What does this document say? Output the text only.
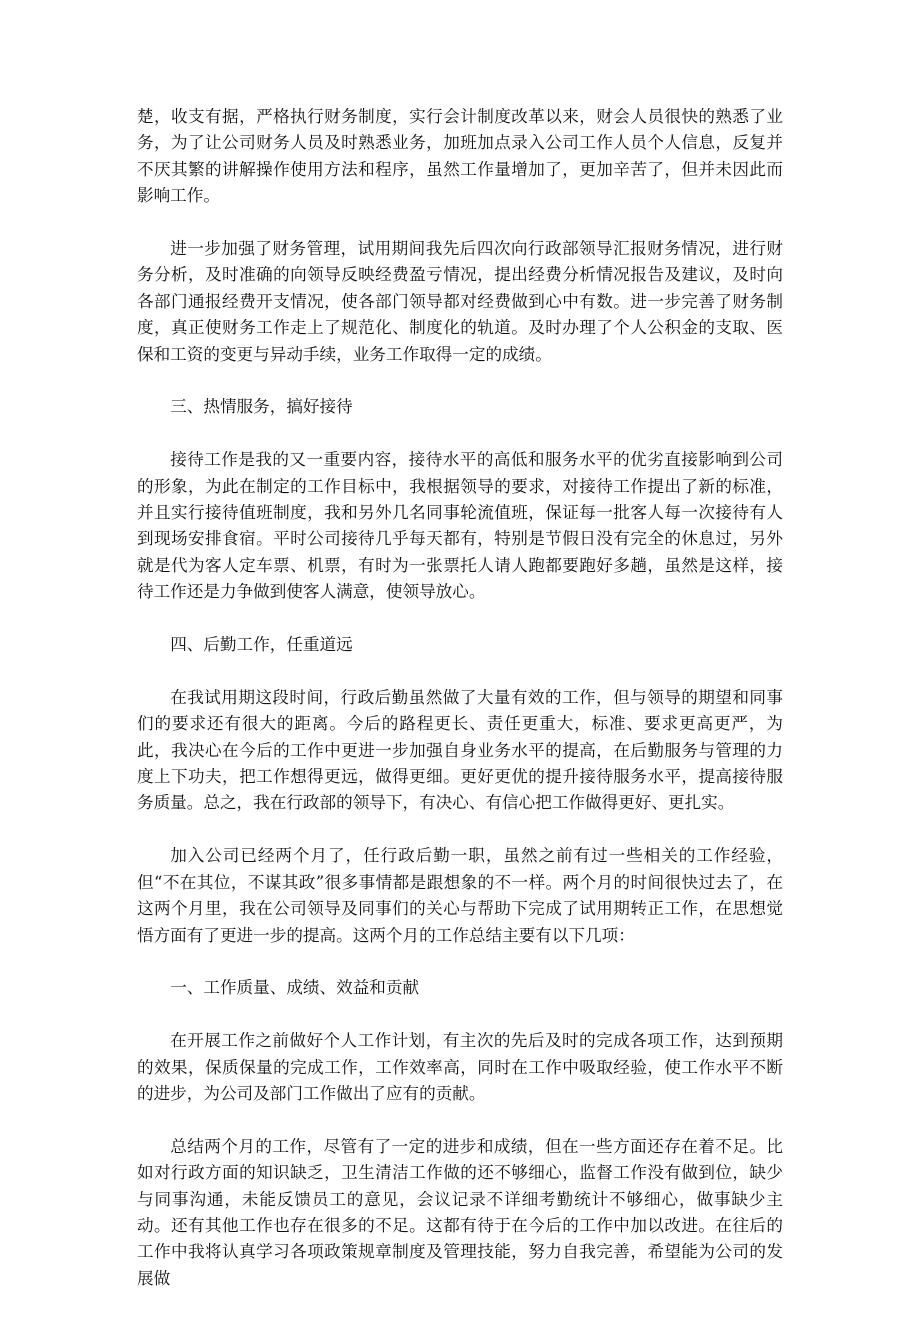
楚，收支有据，严格执行财务制度，实行会计制度改革以来，财会人员很快的熟悉了业务，为了让公司财务人员及时熟悉业务，加班加点录入公司工作人员个人信息，反复并不厌其繁的讲解操作使用方法和程序，虽然工作量增加了，更加辛苦了，但并未因此而影响工作。

进一步加强了财务管理，试用期间我先后四次向行政部领导汇报财务情况，进行财务分析，及时准确的向领导反映经费盈亏情况，提出经费分析情况报告及建议，及时向各部门通报经费开支情况，使各部门领导都对经费做到心中有数。进一步完善了财务制度，真正使财务工作走上了规范化、制度化的轨道。及时办理了个人公积金的支取、医保和工资的变更与异动手续，业务工作取得一定的成绩。

三、热情服务，搞好接待

接待工作是我的又一重要内容，接待水平的高低和服务水平的优劣直接影响到公司的形象，为此在制定的工作目标中，我根据领导的要求，对接待工作提出了新的标准，并且实行接待值班制度，我和另外几名同事轮流值班，保证每一批客人每一次接待有人到现场安排食宿。平时公司接待几乎每天都有，特别是节假日没有完全的休息过，另外就是代为客人定车票、机票，有时为一张票托人请人跑都要跑好多趟，虽然是这样，接待工作还是力争做到使客人满意，使领导放心。

四、后勤工作，任重道远

在我试用期这段时间，行政后勤虽然做了大量有效的工作，但与领导的期望和同事们的要求还有很大的距离。今后的路程更长、责任更重大，标准、要求更高更严，为此，我决心在今后的工作中更进一步加强自身业务水平的提高，在后勤服务与管理的力度上下功夫，把工作想得更远，做得更细。更好更优的提升接待服务水平，提高接待服务质量。总之，我在行政部的领导下，有决心、有信心把工作做得更好、更扎实。

加入公司已经两个月了，任行政后勤一职，虽然之前有过一些相关的工作经验，但“不在其位，不谋其政”很多事情都是跟想象的不一样。两个月的时间很快过去了，在这两个月里，我在公司领导及同事们的关心与帮助下完成了试用期转正工作，在思想觉悟方面有了更进一步的提高。这两个月的工作总结主要有以下几项：

一、工作质量、成绩、效益和贡献

在开展工作之前做好个人工作计划，有主次的先后及时的完成各项工作，达到预期的效果，保质保量的完成工作，工作效率高，同时在工作中吸取经验，使工作水平不断的进步，为公司及部门工作做出了应有的贡献。

总结两个月的工作，尽管有了一定的进步和成绩，但在一些方面还存在着不足。比如对行政方面的知识缺乏，卫生清洁工作做的还不够细心，监督工作没有做到位，缺少与同事沟通，未能反馈员工的意见，会议记录不详细考勤统计不够细心，做事缺少主动。还有其他工作也存在很多的不足。这都有待于在今后的工作中加以改进。在往后的工作中我将认真学习各项政策规章制度及管理技能，努力自我完善，希望能为公司的发展做
